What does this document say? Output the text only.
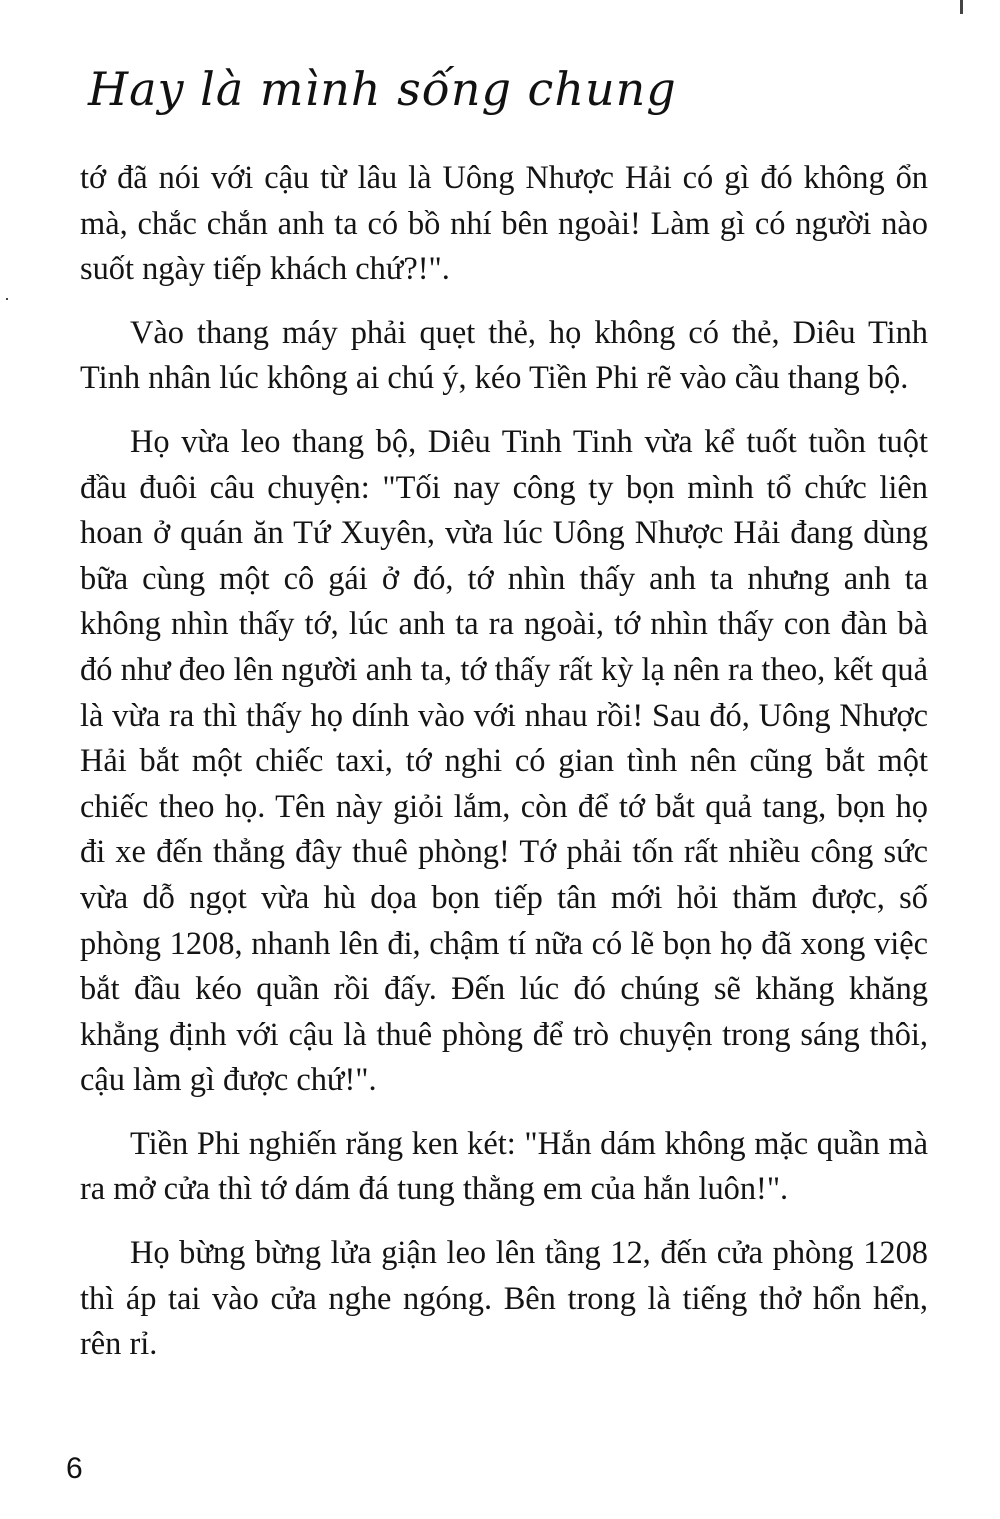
Hay là mình sống chung

tớ đã nói với cậu từ lâu là Uông Nhược Hải có gì đó không ổn mà, chắc chắn anh ta có bồ nhí bên ngoài! Làm gì có người nào suốt ngày tiếp khách chứ?!".

Vào thang máy phải quẹt thẻ, họ không có thẻ, Diêu Tinh Tinh nhân lúc không ai chú ý, kéo Tiền Phi rẽ vào cầu thang bộ.

Họ vừa leo thang bộ, Diêu Tinh Tinh vừa kể tuốt tuồn tuột đầu đuôi câu chuyện: "Tối nay công ty bọn mình tổ chức liên hoan ở quán ăn Tứ Xuyên, vừa lúc Uông Nhược Hải đang dùng bữa cùng một cô gái ở đó, tớ nhìn thấy anh ta nhưng anh ta không nhìn thấy tớ, lúc anh ta ra ngoài, tớ nhìn thấy con đàn bà đó như đeo lên người anh ta, tớ thấy rất kỳ lạ nên ra theo, kết quả là vừa ra thì thấy họ dính vào với nhau rồi! Sau đó, Uông Nhược Hải bắt một chiếc taxi, tớ nghi có gian tình nên cũng bắt một chiếc theo họ. Tên này giỏi lắm, còn để tớ bắt quả tang, bọn họ đi xe đến thẳng đây thuê phòng! Tớ phải tốn rất nhiều công sức vừa dỗ ngọt vừa hù dọa bọn tiếp tân mới hỏi thăm được, số phòng 1208, nhanh lên đi, chậm tí nữa có lẽ bọn họ đã xong việc bắt đầu kéo quần rồi đấy. Đến lúc đó chúng sẽ khăng khăng khẳng định với cậu là thuê phòng để trò chuyện trong sáng thôi, cậu làm gì được chứ!".

Tiền Phi nghiến răng ken két: "Hắn dám không mặc quần mà ra mở cửa thì tớ dám đá tung thằng em của hắn luôn!".

Họ bừng bừng lửa giận leo lên tầng 12, đến cửa phòng 1208 thì áp tai vào cửa nghe ngóng. Bên trong là tiếng thở hổn hển, rên rỉ.

6
